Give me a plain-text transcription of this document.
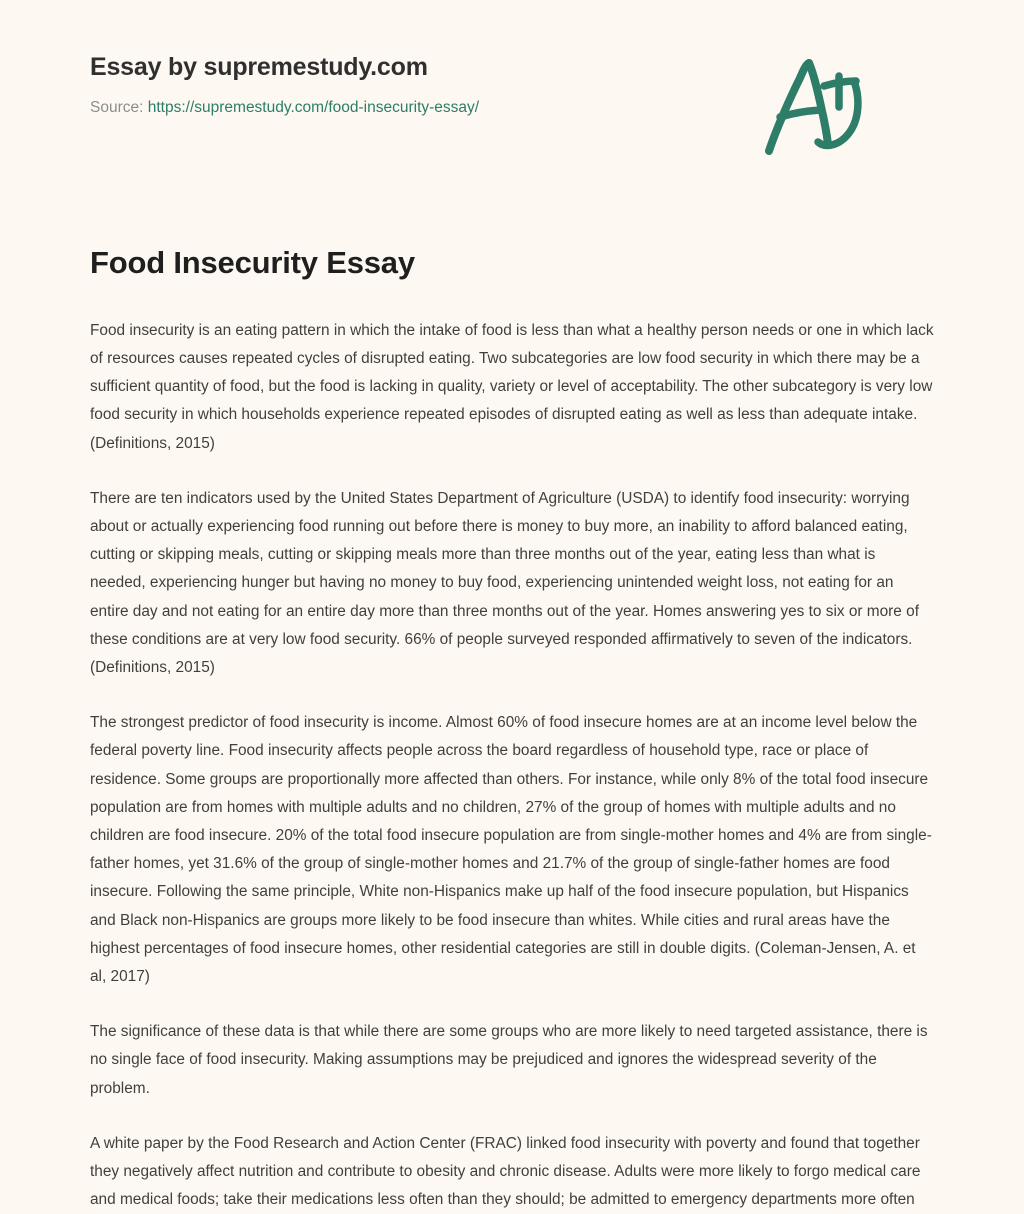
Essay by supremestudy.com
Source: https://supremestudy.com/food-insecurity-essay/
Food Insecurity Essay

Food insecurity is an eating pattern in which the intake of food is less than what a healthy person needs or one in which lack of resources causes repeated cycles of disrupted eating. Two subcategories are low food security in which there may be a sufficient quantity of food, but the food is lacking in quality, variety or level of acceptability. The other subcategory is very low food security in which households experience repeated episodes of disrupted eating as well as less than adequate intake. (Definitions, 2015)

There are ten indicators used by the United States Department of Agriculture (USDA) to identify food insecurity: worrying about or actually experiencing food running out before there is money to buy more, an inability to afford balanced eating, cutting or skipping meals, cutting or skipping meals more than three months out of the year, eating less than what is needed, experiencing hunger but having no money to buy food, experiencing unintended weight loss, not eating for an entire day and not eating for an entire day more than three months out of the year. Homes answering yes to six or more of these conditions are at very low food security. 66% of people surveyed responded affirmatively to seven of the indicators. (Definitions, 2015)

The strongest predictor of food insecurity is income. Almost 60% of food insecure homes are at an income level below the federal poverty line. Food insecurity affects people across the board regardless of household type, race or place of residence. Some groups are proportionally more affected than others. For instance, while only 8% of the total food insecure population are from homes with multiple adults and no children, 27% of the group of homes with multiple adults and no children are food insecure. 20% of the total food insecure population are from single-mother homes and 4% are from single-father homes, yet 31.6% of the group of single-mother homes and 21.7% of the group of single-father homes are food insecure. Following the same principle, White non-Hispanics make up half of the food insecure population, but Hispanics and Black non-Hispanics are groups more likely to be food insecure than whites. While cities and rural areas have the highest percentages of food insecure homes, other residential categories are still in double digits. (Coleman-Jensen, A. et al, 2017)

The significance of these data is that while there are some groups who are more likely to need targeted assistance, there is no single face of food insecurity. Making assumptions may be prejudiced and ignores the widespread severity of the problem.

A white paper by the Food Research and Action Center (FRAC) linked food insecurity with poverty and found that together they negatively affect nutrition and contribute to obesity and chronic disease. Adults were more likely to forgo medical care and medical foods; take their medications less often than they should; be admitted to emergency departments more often
